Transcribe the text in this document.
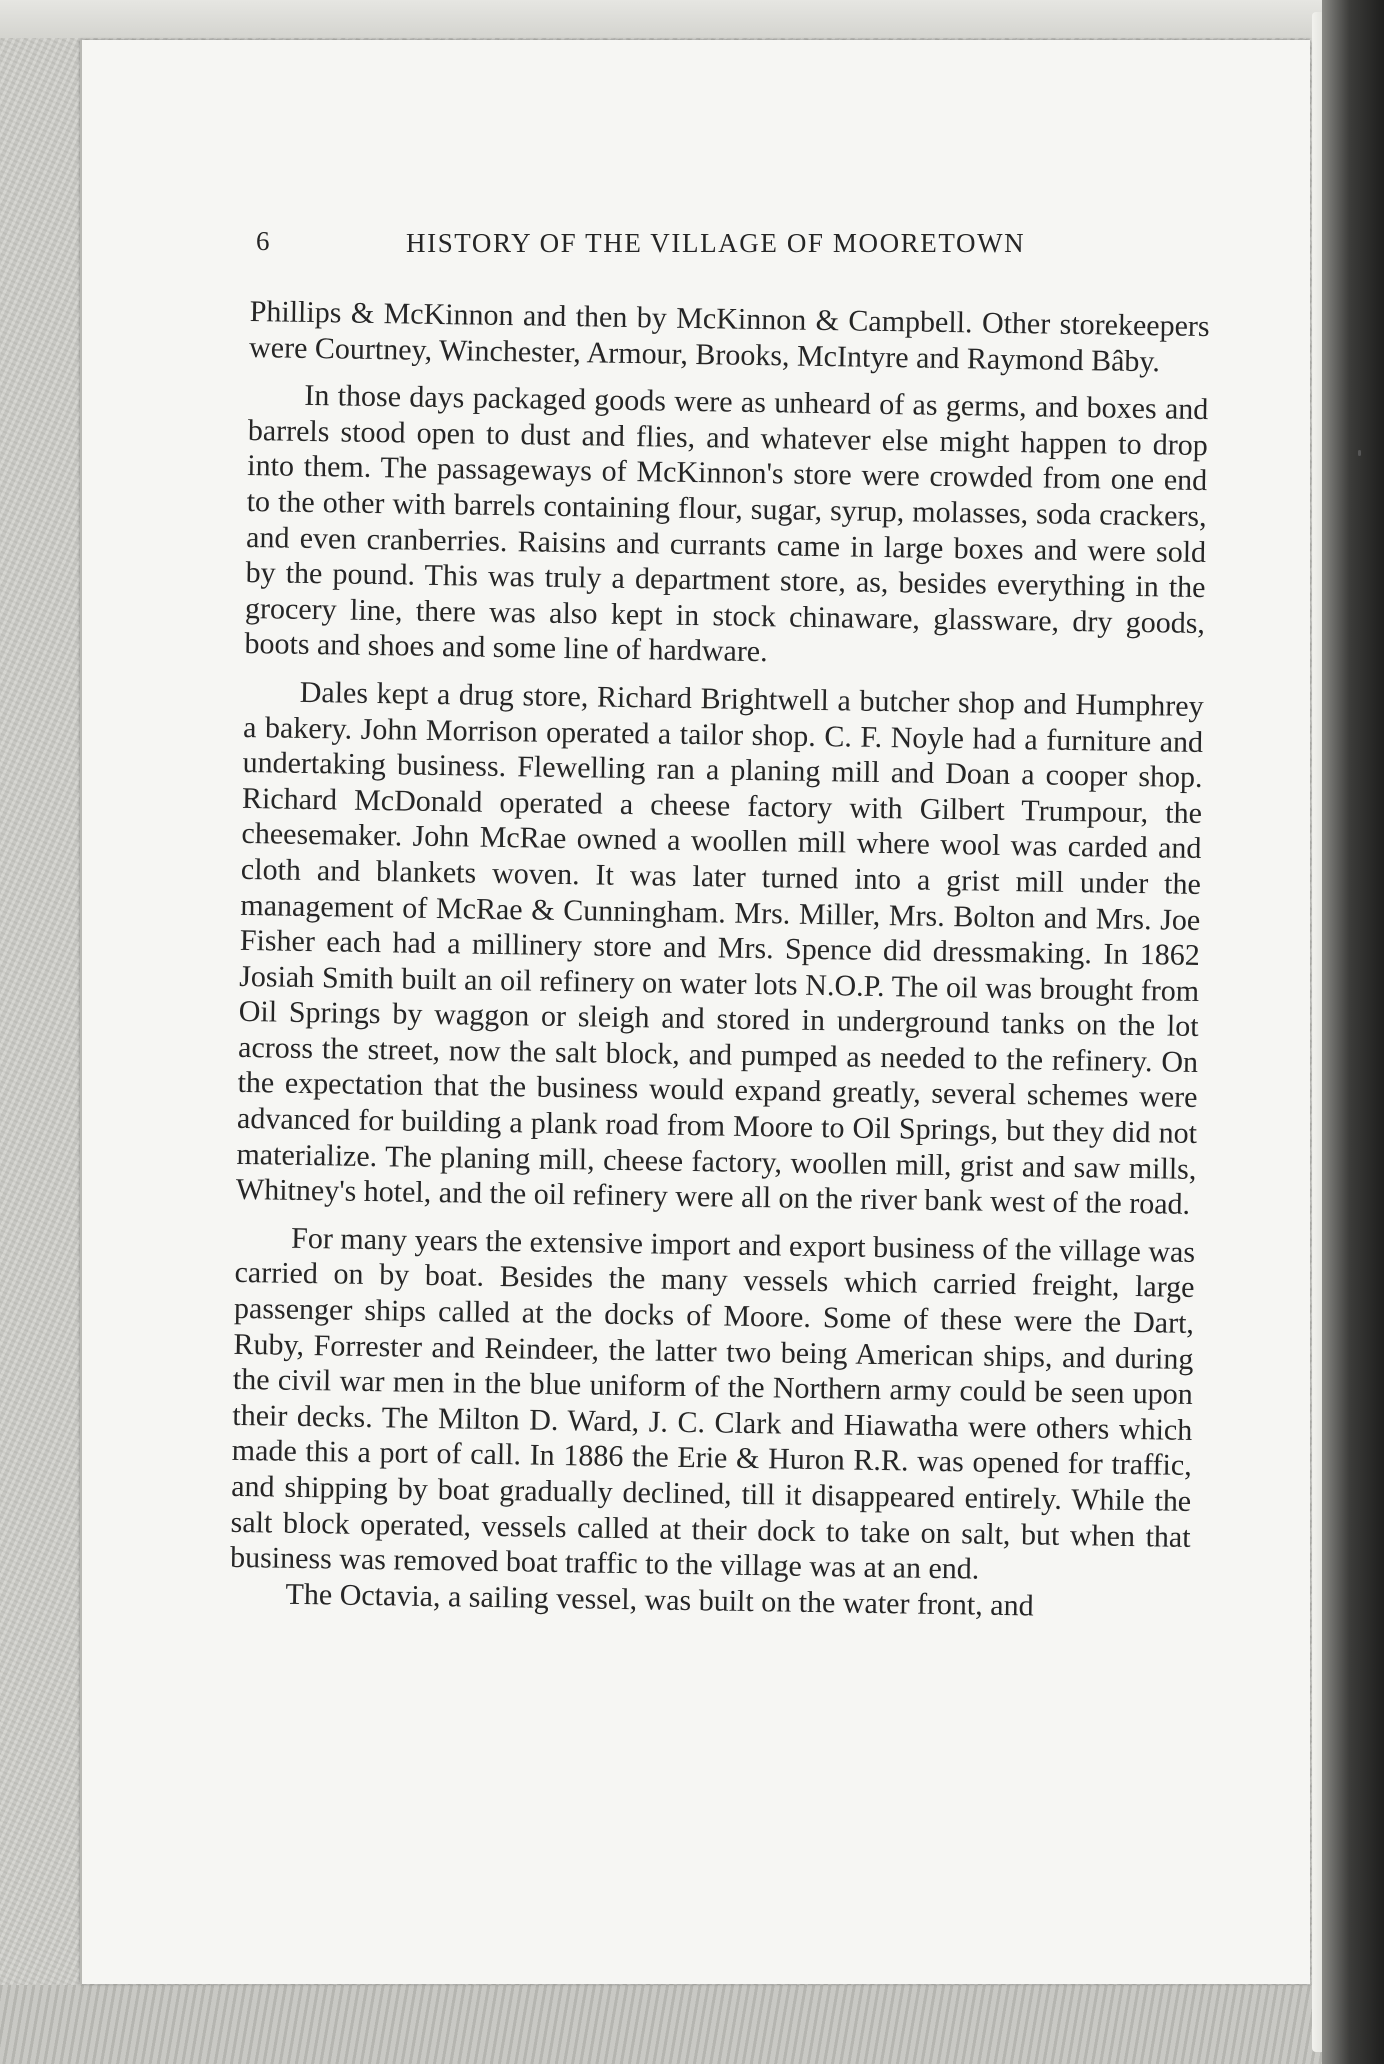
6	HISTORY OF THE VILLAGE OF MOORETOWN

Phillips & McKinnon and then by McKinnon & Campbell. Other storekeepers were Courtney, Winchester, Armour, Brooks, McIntyre and Raymond Bâby.

In those days packaged goods were as unheard of as germs, and boxes and barrels stood open to dust and flies, and whatever else might happen to drop into them. The passageways of McKinnon's store were crowded from one end to the other with barrels containing flour, sugar, syrup, molasses, soda crackers, and even cranberries. Raisins and currants came in large boxes and were sold by the pound. This was truly a department store, as, besides everything in the grocery line, there was also kept in stock chinaware, glassware, dry goods, boots and shoes and some line of hardware.

Dales kept a drug store, Richard Brightwell a butcher shop and Humphrey a bakery. John Morrison operated a tailor shop. C. F. Noyle had a furniture and undertaking business. Flewelling ran a planing mill and Doan a cooper shop. Richard McDonald operated a cheese factory with Gilbert Trumpour, the cheesemaker. John McRae owned a woollen mill where wool was carded and cloth and blankets woven. It was later turned into a grist mill under the management of McRae & Cunningham. Mrs. Miller, Mrs. Bolton and Mrs. Joe Fisher each had a millinery store and Mrs. Spence did dressmaking. In 1862 Josiah Smith built an oil refinery on water lots N.O.P. The oil was brought from Oil Springs by waggon or sleigh and stored in underground tanks on the lot across the street, now the salt block, and pumped as needed to the refinery. On the expectation that the business would expand greatly, several schemes were advanced for building a plank road from Moore to Oil Springs, but they did not materialize. The planing mill, cheese factory, woollen mill, grist and saw mills, Whitney's hotel, and the oil refinery were all on the river bank west of the road.

For many years the extensive import and export business of the village was carried on by boat. Besides the many vessels which carried freight, large passenger ships called at the docks of Moore. Some of these were the Dart, Ruby, Forrester and Reindeer, the latter two being American ships, and during the civil war men in the blue uniform of the Northern army could be seen upon their decks. The Milton D. Ward, J. C. Clark and Hiawatha were others which made this a port of call. In 1886 the Erie & Huron R.R. was opened for traffic, and shipping by boat gradually declined, till it disappeared entirely. While the salt block operated, vessels called at their dock to take on salt, but when that business was removed boat traffic to the village was at an end.

The Octavia, a sailing vessel, was built on the water front, and
